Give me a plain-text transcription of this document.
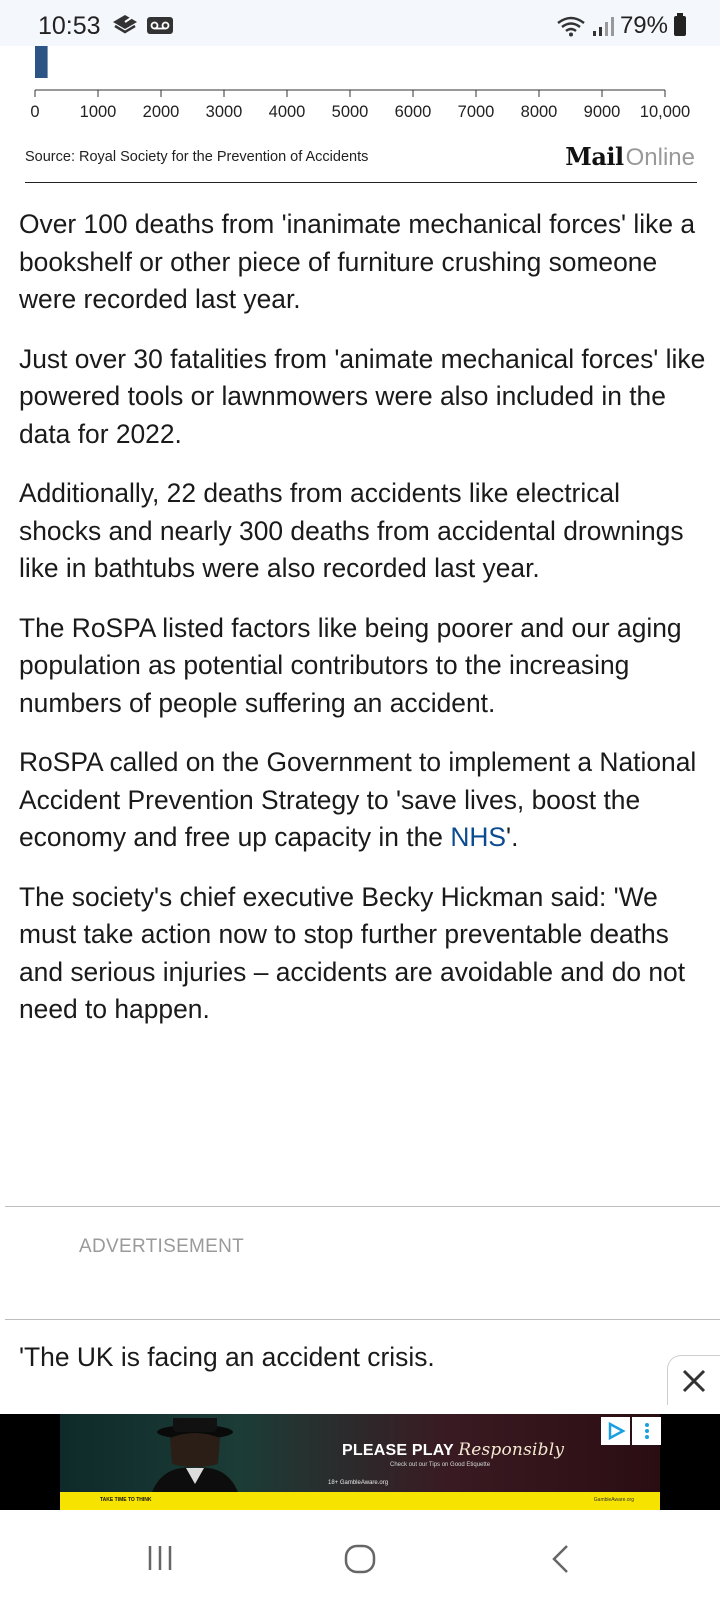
10:53	79%
0 1000 2000 3000 4000 5000 6000 7000 8000 9000 10,000
Source: Royal Society for the Prevention of Accidents	MailOnline

Over 100 deaths from 'inanimate mechanical forces' like a bookshelf or other piece of furniture crushing someone were recorded last year.

Just over 30 fatalities from 'animate mechanical forces' like powered tools or lawnmowers were also included in the data for 2022.

Additionally, 22 deaths from accidents like electrical shocks and nearly 300 deaths from accidental drownings like in bathtubs were also recorded last year.

The RoSPA listed factors like being poorer and our aging population as potential contributors to the increasing numbers of people suffering an accident.

RoSPA called on the Government to implement a National Accident Prevention Strategy to 'save lives, boost the economy and free up capacity in the NHS'.

The society's chief executive Becky Hickman said: 'We must take action now to stop further preventable deaths and serious injuries – accidents are avoidable and do not need to happen.

ADVERTISEMENT
'The UK is facing an accident crisis.
PLEASE PLAY Responsibly
Check out our Tips on Good Etiquette
18+ GambleAware.org
TAKE TIME TO THINK	GambleAware.org
